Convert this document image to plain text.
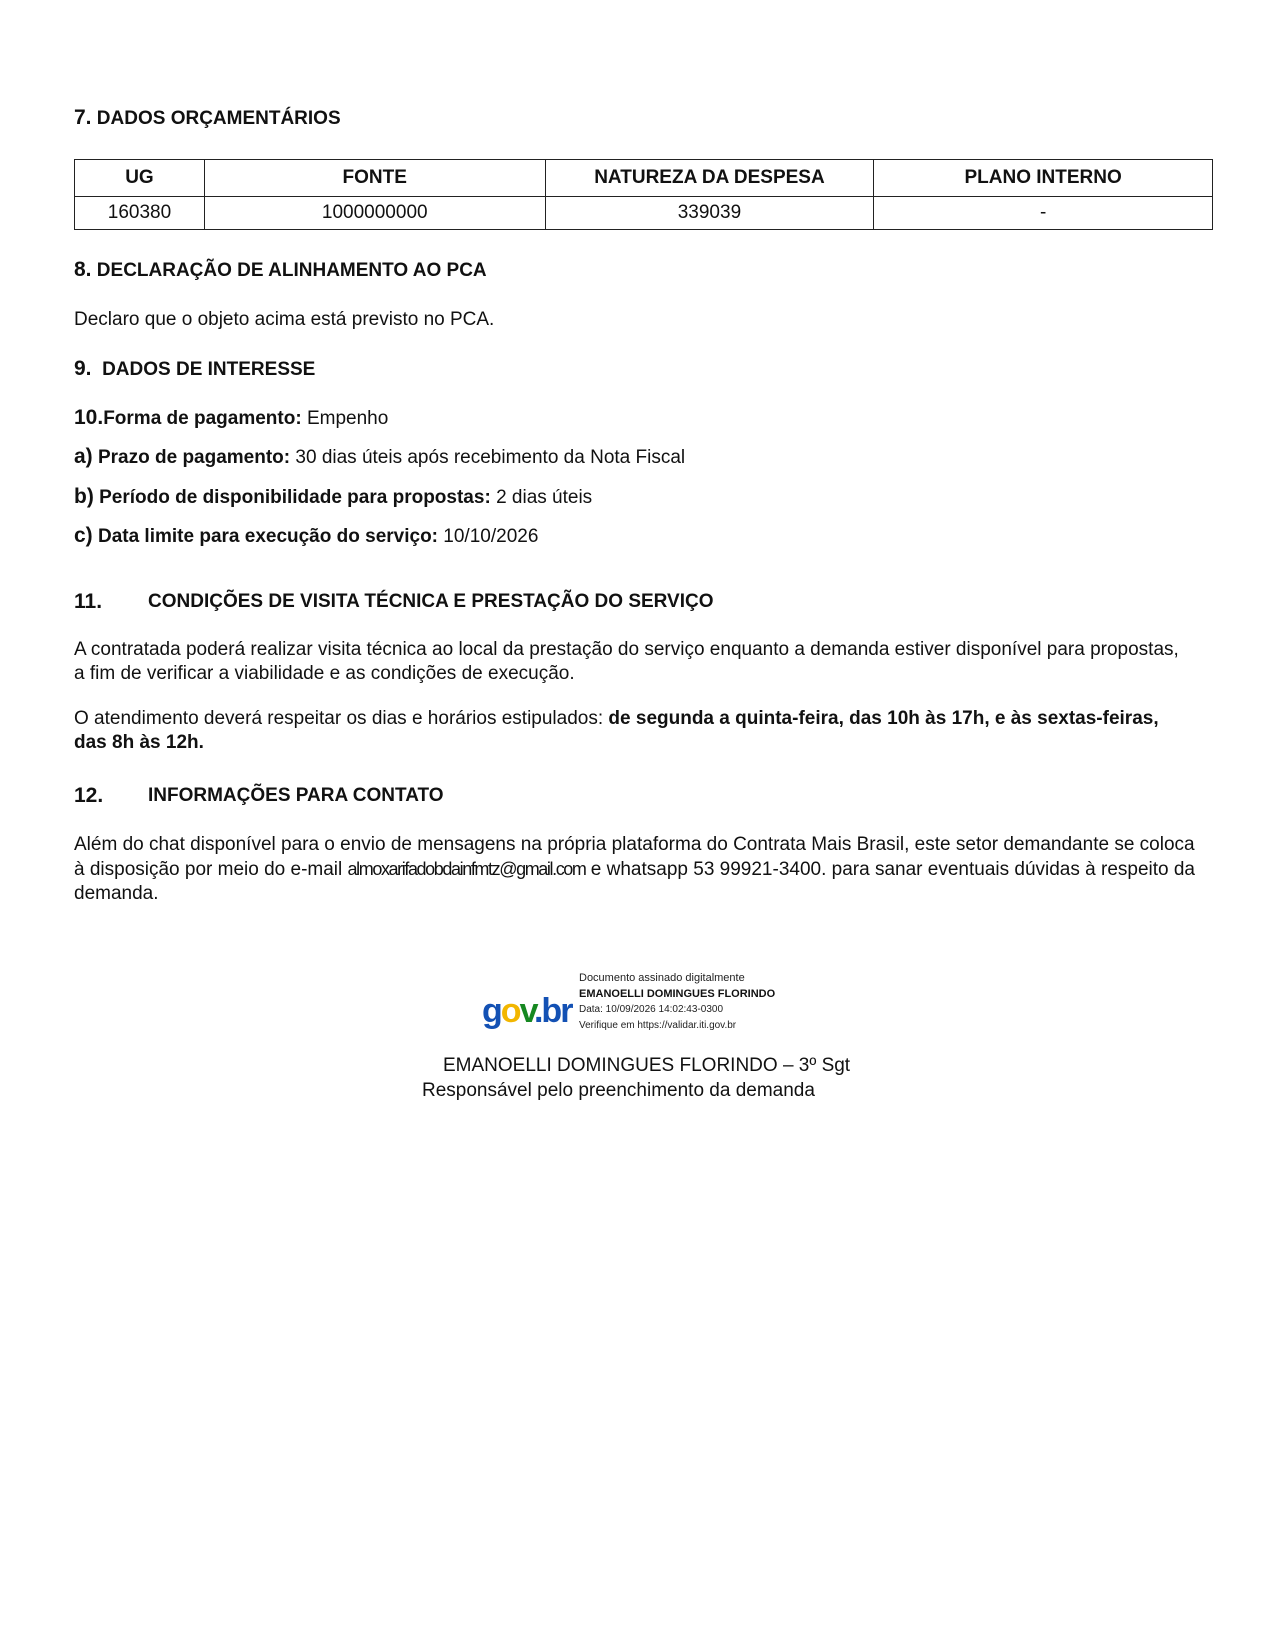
7. DADOS ORÇAMENTÁRIOS
UG	FONTE	NATUREZA DA DESPESA	PLANO INTERNO
160380	1000000000	339039	-
8. DECLARAÇÃO DE ALINHAMENTO AO PCA
Declaro que o objeto acima está previsto no PCA.
9. DADOS DE INTERESSE
10.Forma de pagamento: Empenho
a) Prazo de pagamento: 30 dias úteis após recebimento da Nota Fiscal
b) Período de disponibilidade para propostas: 2 dias úteis
c) Data limite para execução do serviço: 10/10/2026
11. CONDIÇÕES DE VISITA TÉCNICA E PRESTAÇÃO DO SERVIÇO
A contratada poderá realizar visita técnica ao local da prestação do serviço enquanto a demanda estiver disponível para propostas, a fim de verificar a viabilidade e as condições de execução.
O atendimento deverá respeitar os dias e horários estipulados: de segunda a quinta-feira, das 10h às 17h, e às sextas-feiras, das 8h às 12h.
12. INFORMAÇÕES PARA CONTATO
Além do chat disponível para o envio de mensagens na própria plataforma do Contrata Mais Brasil, este setor demandante se coloca à disposição por meio do e-mail almoxarifadobdainfmtz@gmail.com e whatsapp 53 99921-3400. para sanar eventuais dúvidas à respeito da demanda.
gov.br
Documento assinado digitalmente
EMANOELLI DOMINGUES FLORINDO
Data: 10/09/2026 14:02:43-0300
Verifique em https://validar.iti.gov.br
EMANOELLI DOMINGUES FLORINDO – 3º Sgt
Responsável pelo preenchimento da demanda
